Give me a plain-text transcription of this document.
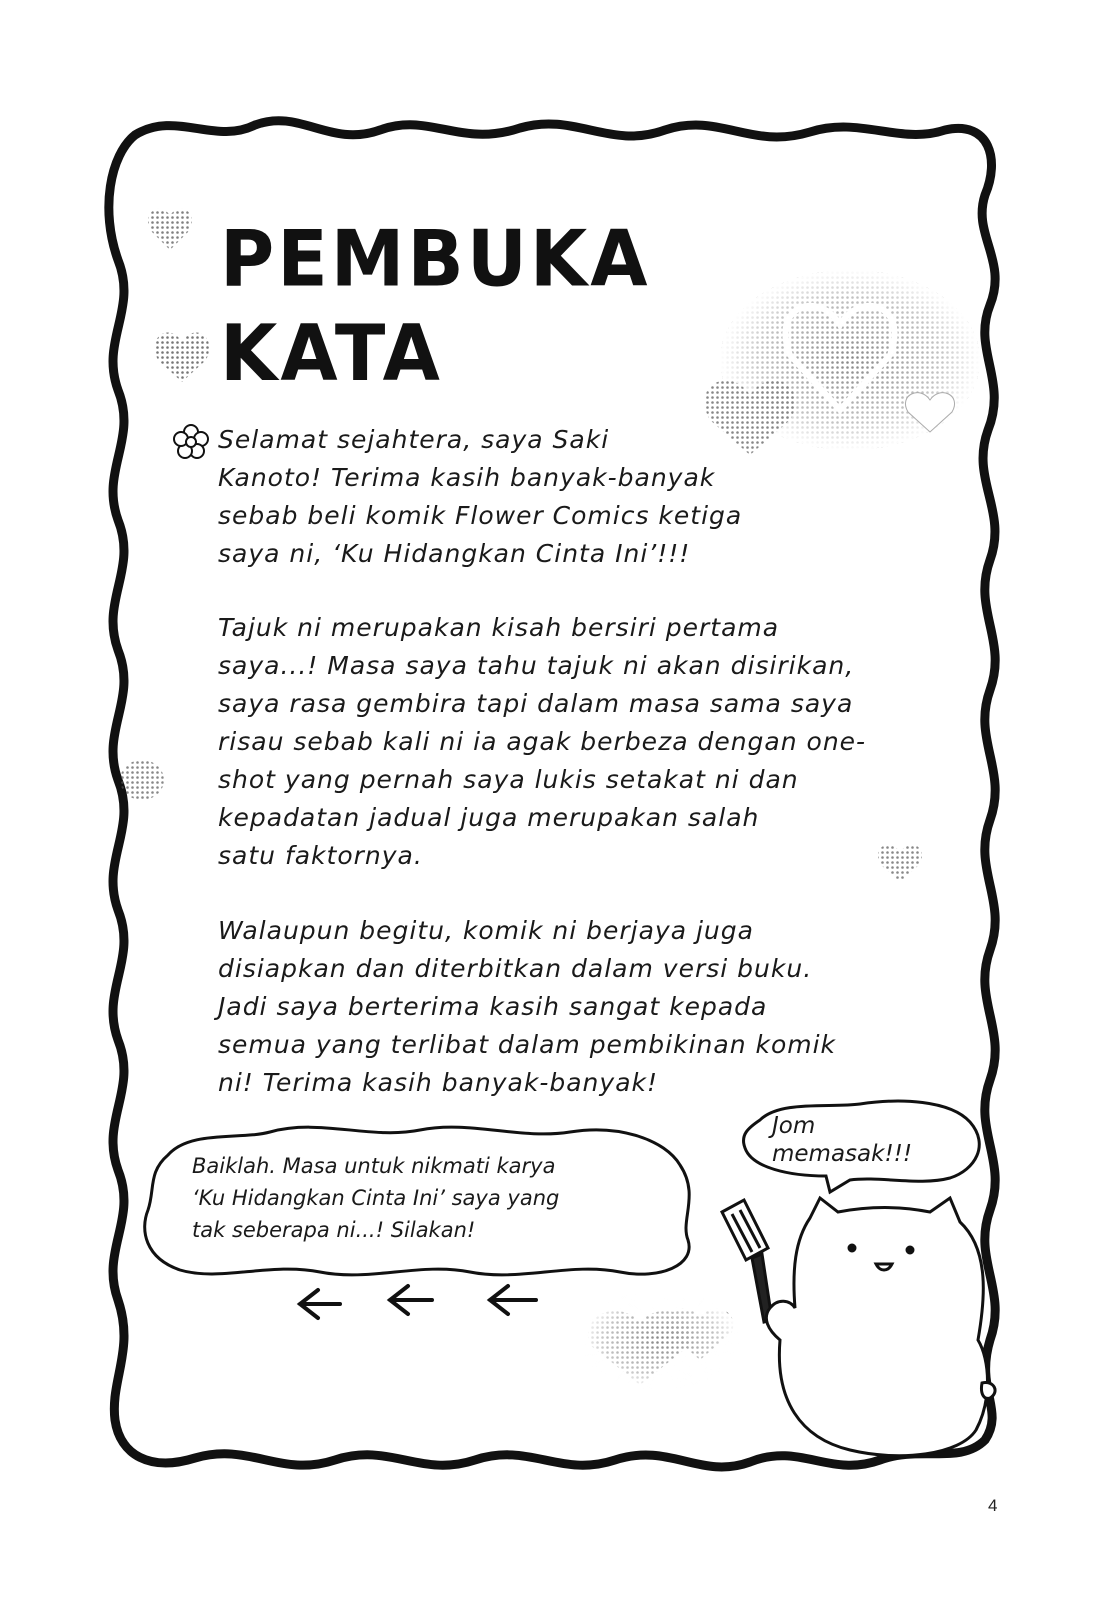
PEMBUKA KATA
Selamat sejahtera, saya Saki
Kanoto! Terima kasih banyak-banyak
sebab beli komik Flower Comics ketiga
saya ni, ‘Ku Hidangkan Cinta Ini’!!!
Tajuk ni merupakan kisah bersiri pertama
saya...! Masa saya tahu tajuk ni akan disirikan,
saya rasa gembira tapi dalam masa sama saya
risau sebab kali ni ia agak berbeza dengan one-
shot yang pernah saya lukis setakat ni dan
kepadatan jadual juga merupakan salah
satu faktornya.
Walaupun begitu, komik ni berjaya juga
disiapkan dan diterbitkan dalam versi buku.
Jadi saya berterima kasih sangat kepada
semua yang terlibat dalam pembikinan komik
ni! Terima kasih banyak-banyak!
Baiklah. Masa untuk nikmati karya
‘Ku Hidangkan Cinta Ini’ saya yang
tak seberapa ni...! Silakan!
Jom
memasak!!!
4
